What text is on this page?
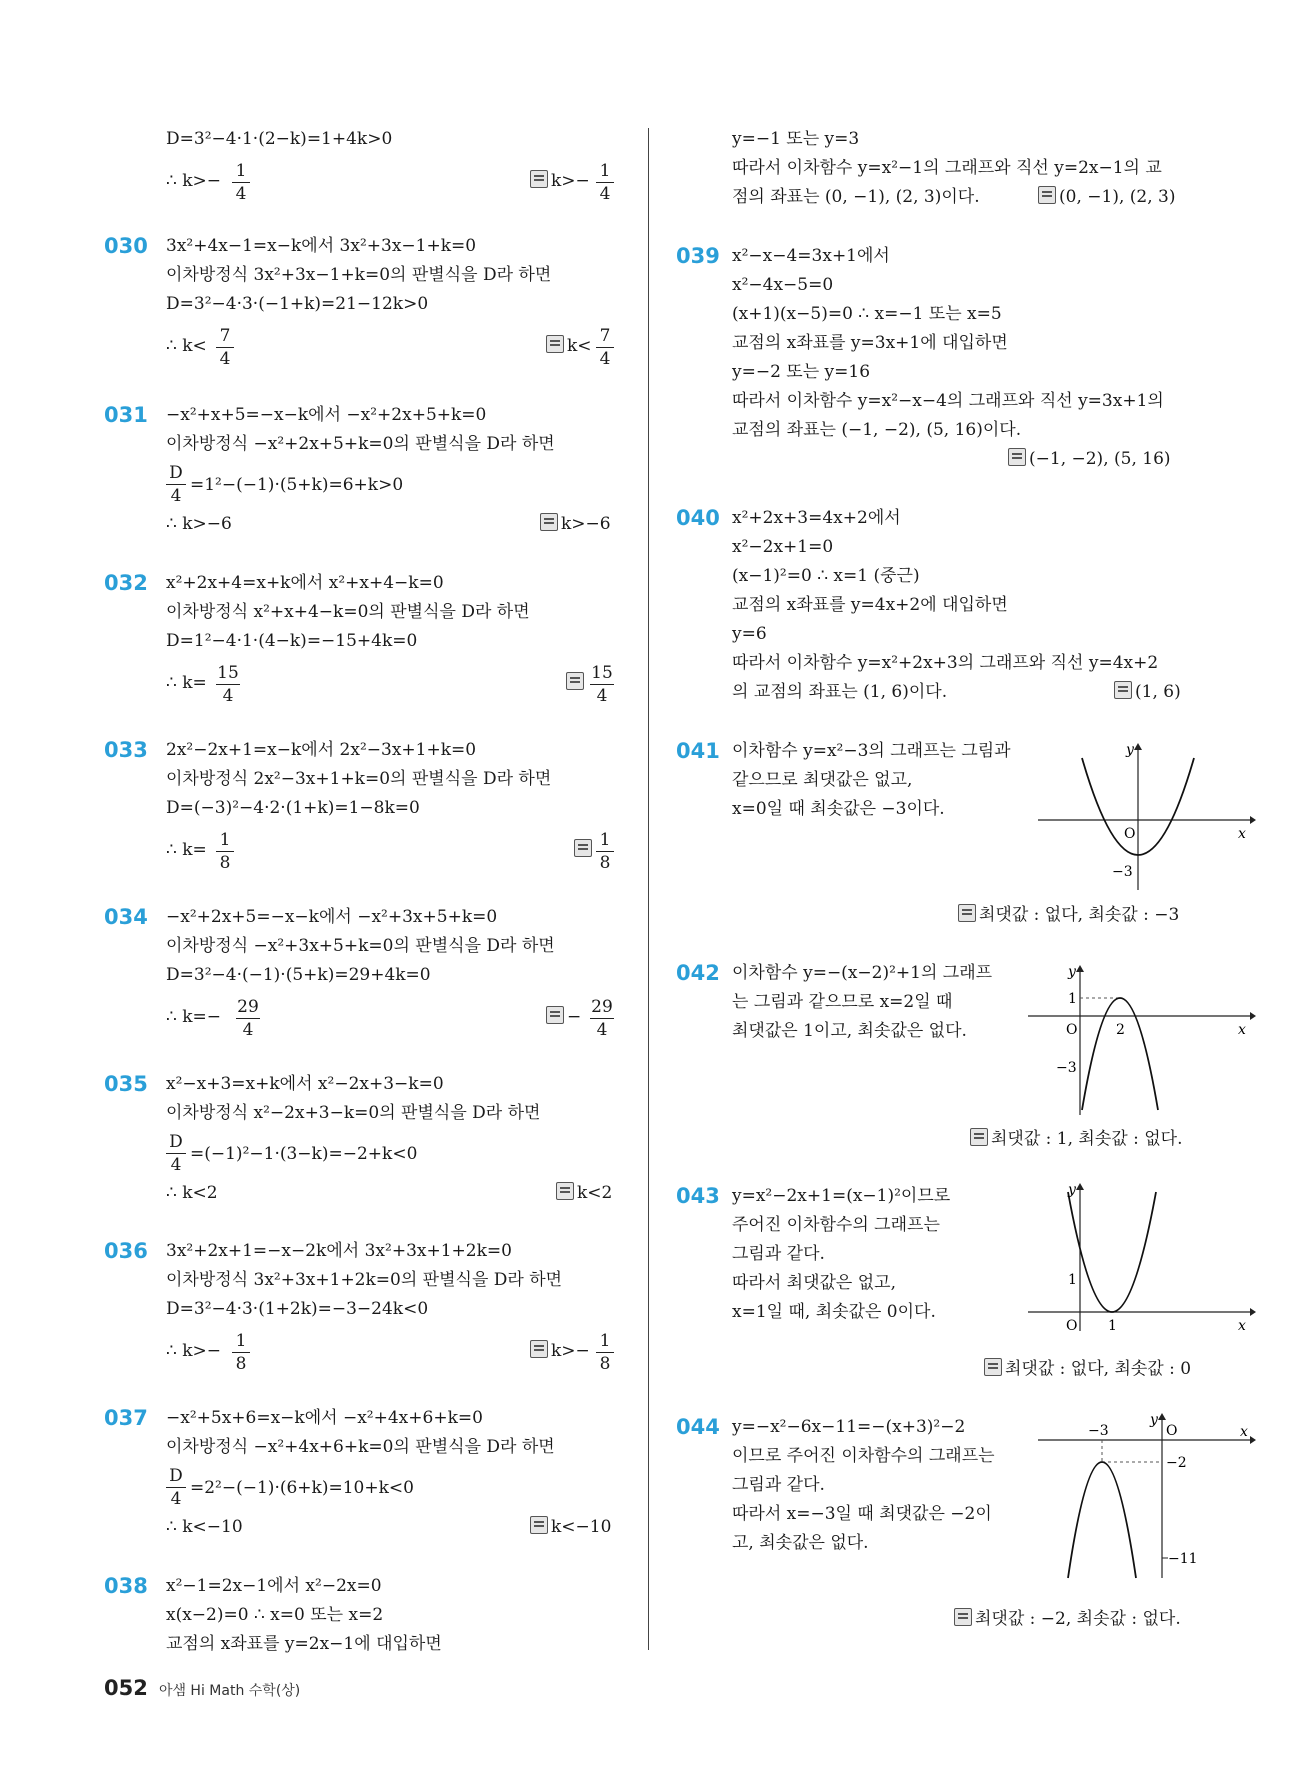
D=3²−4·1·(2−k)=1+4k>0
∴ $k>- \frac{1}{4}$	$k>- \frac{1}{4}$
030 3x²+4x−1=x−k에서 3x²+3x−1+k=0
이차방정식 3x²+3x−1+k=0의 판별식을 D라 하면
D=3²−4·3·(−1+k)=21−12k>0
∴ $k< \frac{7}{4}$	$k< \frac{7}{4}$
031 −x²+x+5=−x−k에서 −x²+2x+5+k=0
이차방정식 −x²+2x+5+k=0의 판별식을 D라 하면
$\frac{D}{4} =1^2-(-1)\cdot(5+k)=6+k>0$
∴ k>−6	k>−6
032 x²+2x+4=x+k에서 x²+x+4−k=0
이차방정식 x²+x+4−k=0의 판별식을 D라 하면
D=1²−4·1·(4−k)=−15+4k=0
∴ $k= \frac{15}{4}$	$\frac{15}{4}$
033 2x²−2x+1=x−k에서 2x²−3x+1+k=0
이차방정식 2x²−3x+1+k=0의 판별식을 D라 하면
D=(−3)²−4·2·(1+k)=1−8k=0
∴ $k= \frac{1}{8}$	$\frac{1}{8}$
034 −x²+2x+5=−x−k에서 −x²+3x+5+k=0
이차방정식 −x²+3x+5+k=0의 판별식을 D라 하면
D=3²−4·(−1)·(5+k)=29+4k=0
∴ $k=- \frac{29}{4}$	− $\frac{29}{4}$
035 x²−x+3=x+k에서 x²−2x+3−k=0
이차방정식 x²−2x+3−k=0의 판별식을 D라 하면
$\frac{D}{4} =(-1)^2-1\cdot(3-k)=-2+k<0$
∴ k<2	k<2
036 3x²+2x+1=−x−2k에서 3x²+3x+1+2k=0
이차방정식 3x²+3x+1+2k=0의 판별식을 D라 하면
D=3²−4·3·(1+2k)=−3−24k<0
∴ $k>- \frac{1}{8}$	$k>- \frac{1}{8}$
037 −x²+5x+6=x−k에서 −x²+4x+6+k=0
이차방정식 −x²+4x+6+k=0의 판별식을 D라 하면
$\frac{D}{4} =2^2-(-1)\cdot(6+k)=10+k<0$
∴ k<−10	k<−10
038 x²−1=2x−1에서 x²−2x=0
x(x−2)=0 ∴ x=0 또는 x=2
교점의 x좌표를 y=2x−1에 대입하면
y=−1 또는 y=3
따라서 이차함수 y=x²−1의 그래프와 직선 y=2x−1의 교
점의 좌표는 (0, −1), (2, 3)이다.	(0, −1), (2, 3)
039 x²−x−4=3x+1에서
x²−4x−5=0
(x+1)(x−5)=0 ∴ x=−1 또는 x=5
교점의 x좌표를 y=3x+1에 대입하면
y=−2 또는 y=16
따라서 이차함수 y=x²−x−4의 그래프와 직선 y=3x+1의
교점의 좌표는 (−1, −2), (5, 16)이다.
(−1, −2), (5, 16)
040 x²+2x+3=4x+2에서
x²−2x+1=0
(x−1)²=0 ∴ x=1 (중근)
교점의 x좌표를 y=4x+2에 대입하면
y=6
따라서 이차함수 y=x²+2x+3의 그래프와 직선 y=4x+2
의 교점의 좌표는 (1, 6)이다.	(1, 6)
041 이차함수 y=x²−3의 그래프는 그림과
같으므로 최댓값은 없고,
x=0일 때 최솟값은 −3이다.
y
x
O
−3
최댓값 : 없다, 최솟값 : −3
042 이차함수 y=−(x−2)²+1의 그래프
는 그림과 같으므로 x=2일 때
최댓값은 1이고, 최솟값은 없다.
y
x
O
1
2
−3
최댓값 : 1, 최솟값 : 없다.
043 y=x²−2x+1=(x−1)²이므로
주어진 이차함수의 그래프는
그림과 같다.
따라서 최댓값은 없고,
x=1일 때, 최솟값은 0이다.
y
x
O
1
1
최댓값 : 없다, 최솟값 : 0
044 y=−x²−6x−11=−(x+3)²−2
이므로 주어진 이차함수의 그래프는
그림과 같다.
따라서 x=−3일 때 최댓값은 −2이
고, 최솟값은 없다.
y
x
O
−3
−2
−11
최댓값 : −2, 최솟값 : 없다.
052 아샘 Hi Math 수학(상)
